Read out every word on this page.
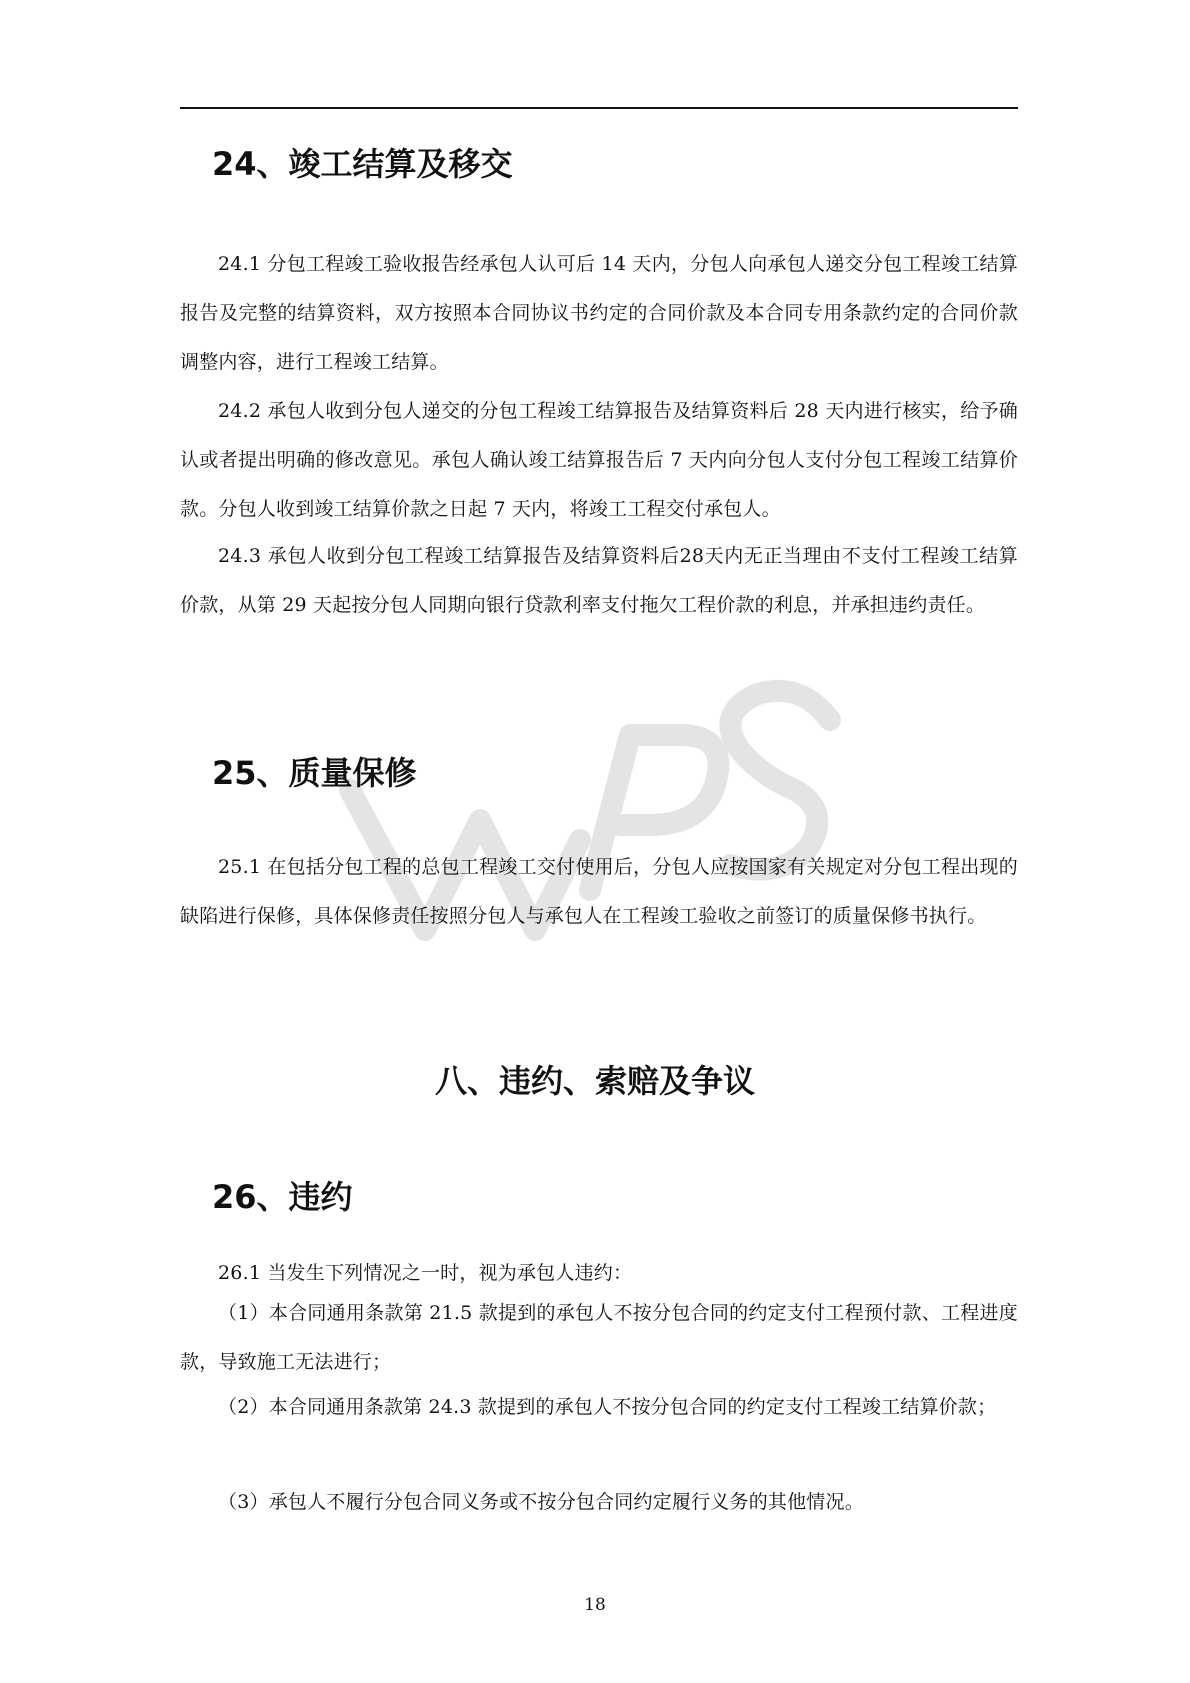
24、竣工结算及移交
24.1 分包工程竣工验收报告经承包人认可后 14 天内，分包人向承包人递交分包工程竣工结算报告及完整的结算资料，双方按照本合同协议书约定的合同价款及本合同专用条款约定的合同价款调整内容，进行工程竣工结算。
24.2 承包人收到分包人递交的分包工程竣工结算报告及结算资料后 28 天内进行核实，给予确认或者提出明确的修改意见。承包人确认竣工结算报告后 7 天内向分包人支付分包工程竣工结算价款。分包人收到竣工结算价款之日起 7 天内，将竣工工程交付承包人。
24.3 承包人收到分包工程竣工结算报告及结算资料后28天内无正当理由不支付工程竣工结算价款，从第 29 天起按分包人同期向银行贷款利率支付拖欠工程价款的利息，并承担违约责任。
25、质量保修
25.1 在包括分包工程的总包工程竣工交付使用后，分包人应按国家有关规定对分包工程出现的缺陷进行保修，具体保修责任按照分包人与承包人在工程竣工验收之前签订的质量保修书执行。
八、违约、索赔及争议
26、违约
26.1 当发生下列情况之一时，视为承包人违约：
（1）本合同通用条款第 21.5 款提到的承包人不按分包合同的约定支付工程预付款、工程进度款，导致施工无法进行；
（2）本合同通用条款第 24.3 款提到的承包人不按分包合同的约定支付工程竣工结算价款；
（3）承包人不履行分包合同义务或不按分包合同约定履行义务的其他情况。
18
